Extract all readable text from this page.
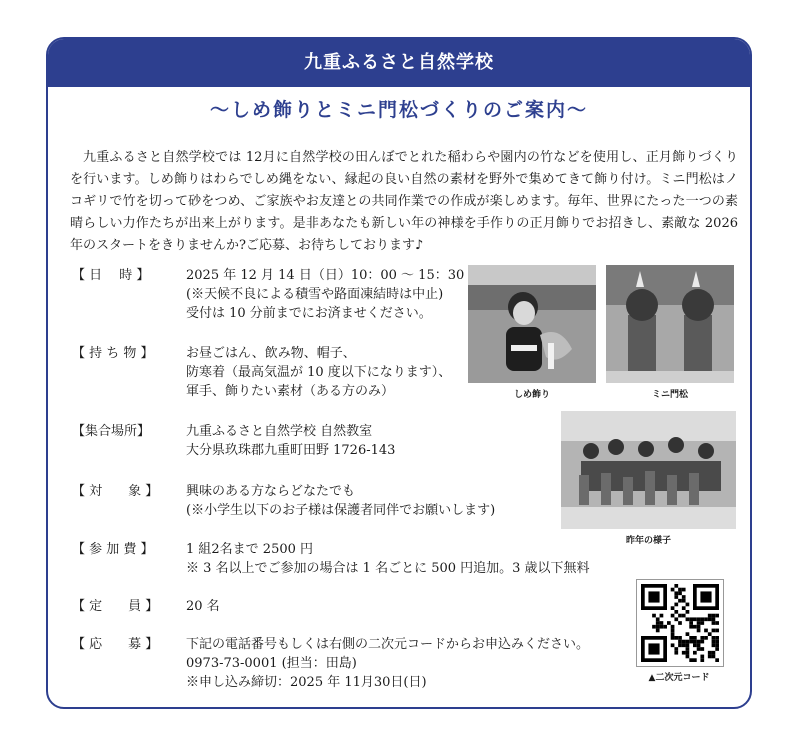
九重ふるさと自然学校
～しめ飾りとミニ門松づくりのご案内～
九重ふるさと自然学校では 12月に自然学校の田んぼでとれた稲わらや園内の竹などを使用し、正月飾りづくりを行います。しめ飾りはわらでしめ縄をない、縁起の良い自然の素材を野外で集めてきて飾り付け。ミニ門松はノコギリで竹を切って砂をつめ、ご家族やお友達との共同作業での作成が楽しめます。毎年、世界にたった一つの素晴らしい力作たちが出来上がります。是非あなたも新しい年の神様を手作りの正月飾りでお招きし、素敵な 2026 年のスタートをきりませんか?ご応募、お待ちしております♪
【 日　 時 】	2025 年 12 月 14 日（日）10：00 ～ 15：30
(※天候不良による積雪や路面凍結時は中止)
受付は 10 分前までにお済ませください。
【 持 ち 物 】	お昼ごはん、飲み物、帽子、
防寒着（最高気温が 10 度以下になります）、
軍手、飾りたい素材（ある方のみ）
【集合場所】	九重ふるさと自然学校 自然教室
大分県玖珠郡九重町田野 1726-143
【 対　　象 】	興味のある方ならどなたでも
(※小学生以下のお子様は保護者同伴でお願いします)
【 参 加 費 】	1 組2名まで 2500 円
※ 3 名以上でご参加の場合は 1 名ごとに 500 円追加。3 歳以下無料
【 定　　員 】	20 名
【 応　　募 】	下記の電話番号もしくは右側の二次元コードからお申込みください。
0973-73-0001 (担当：田島)
※申し込み締切：2025 年 11月30日(日)
しめ飾り	ミニ門松
昨年の様子
▲二次元コード
